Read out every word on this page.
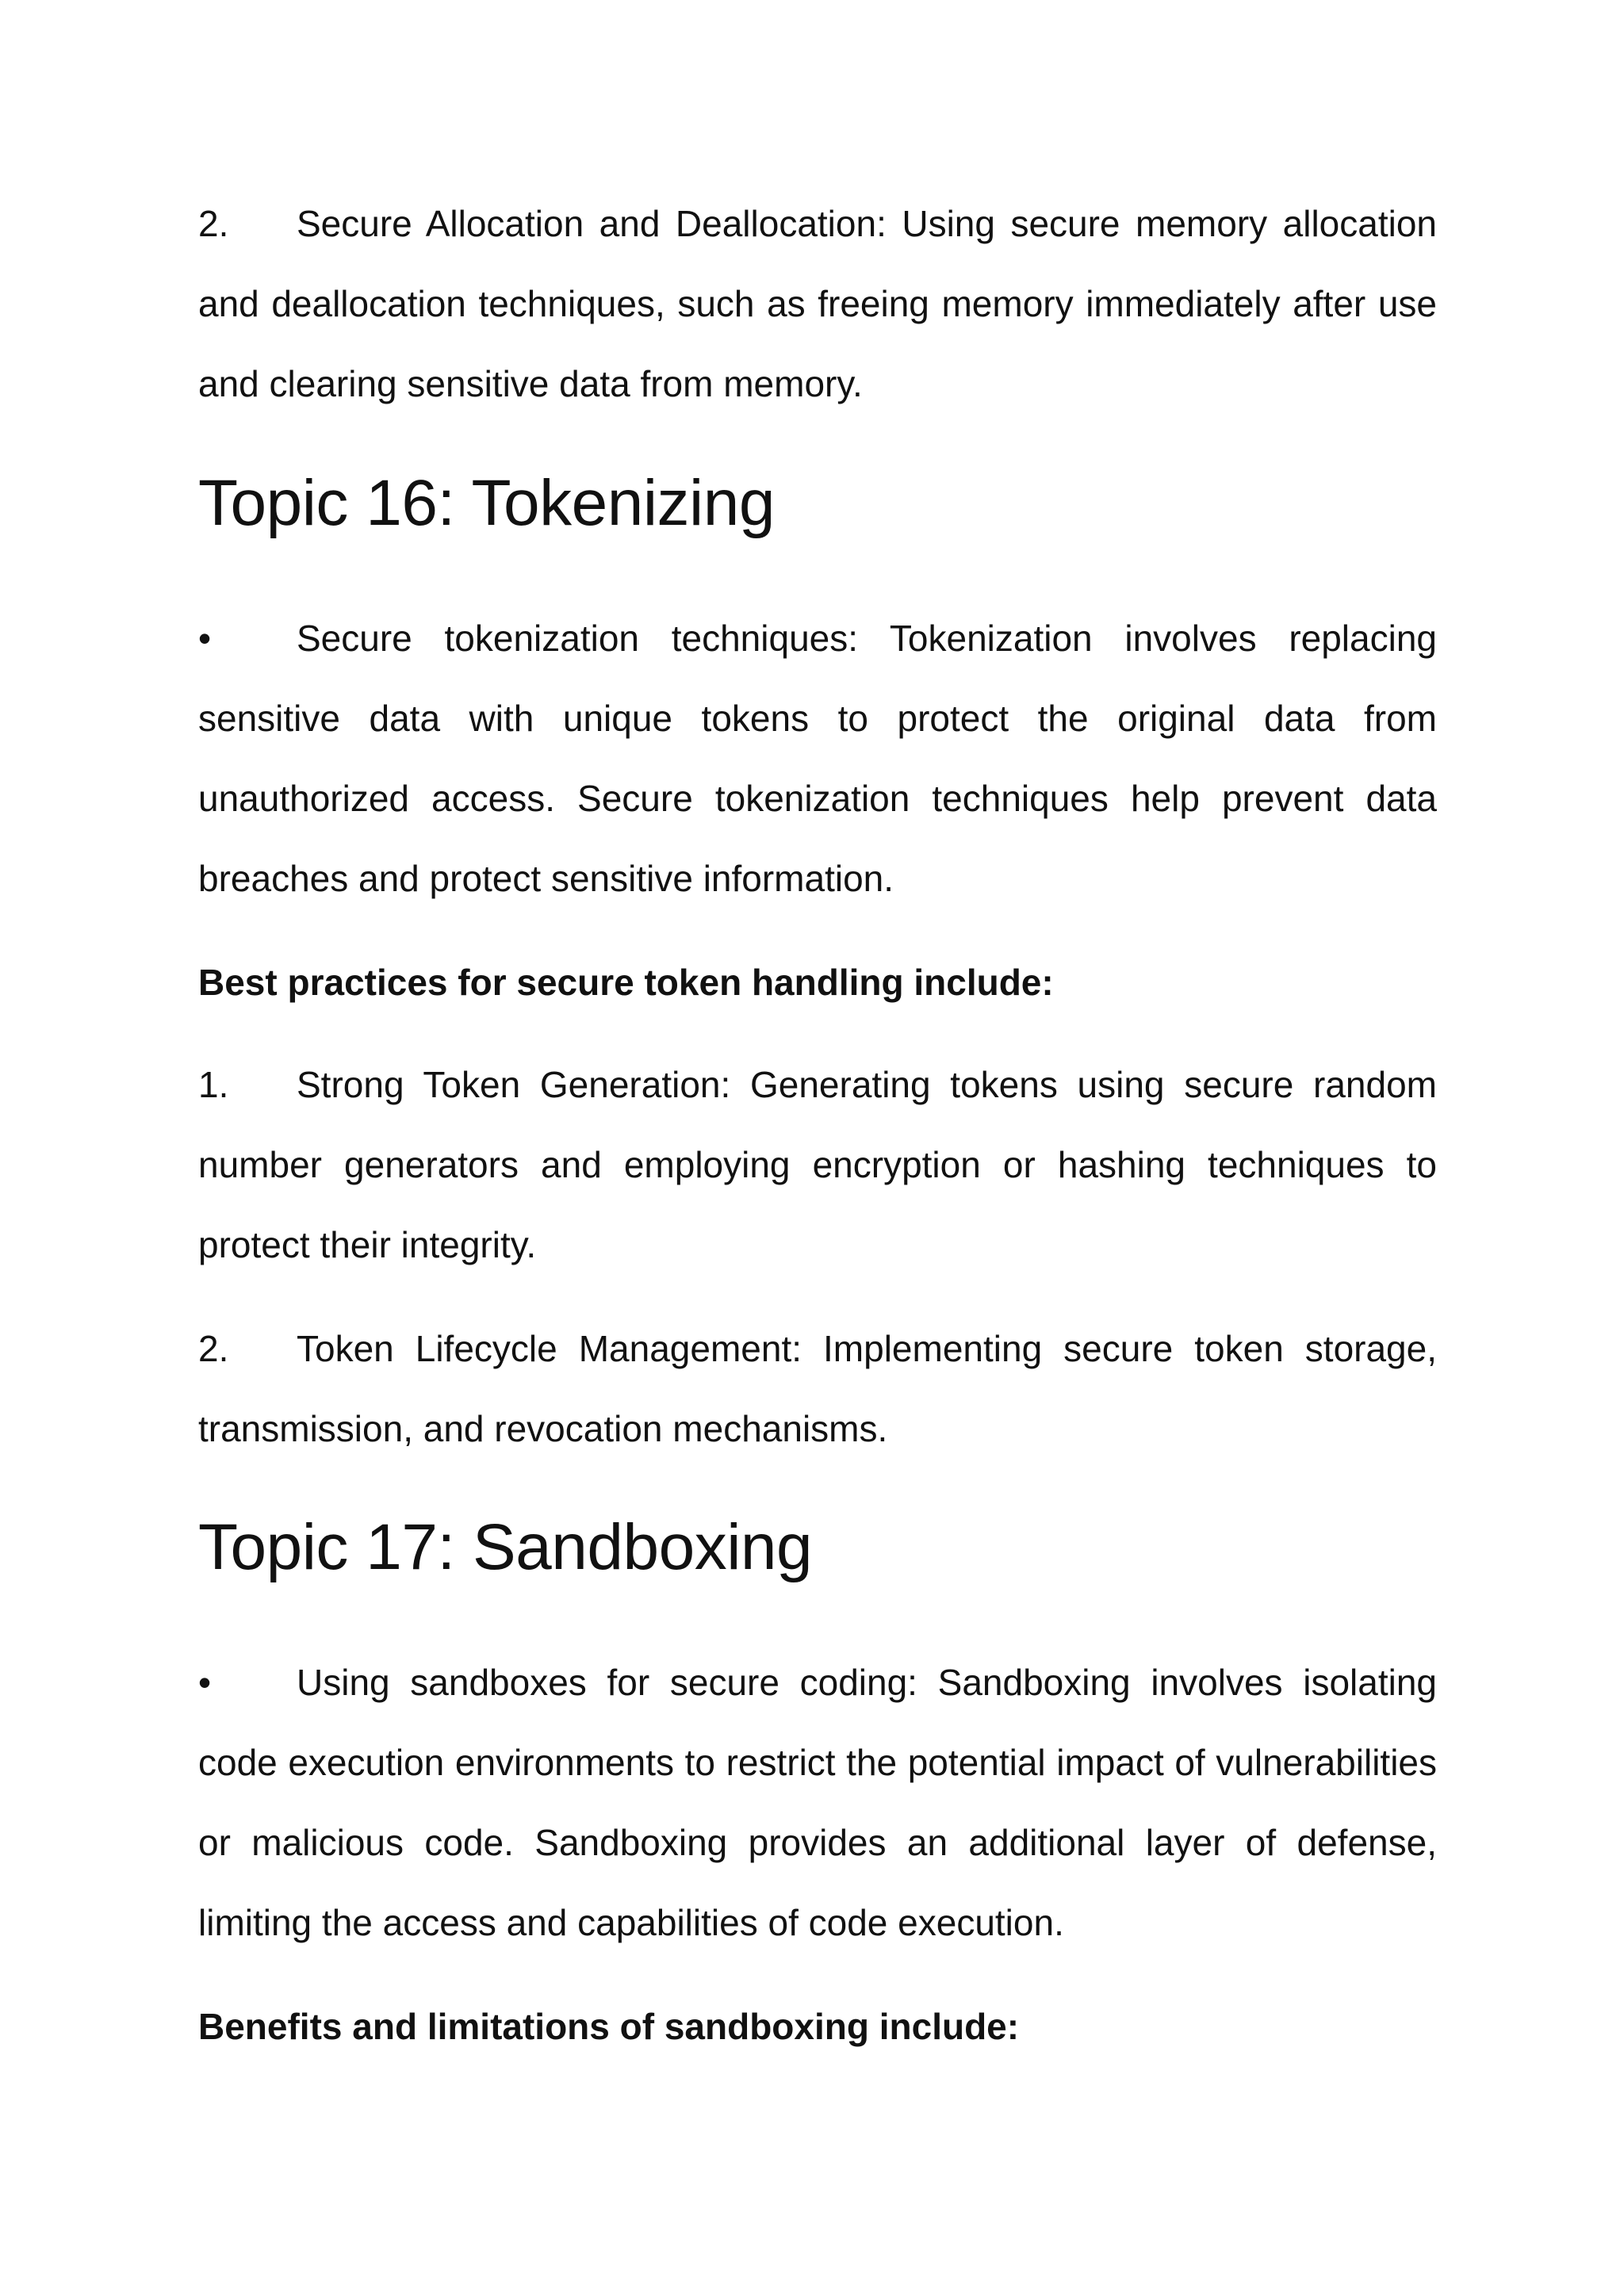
2. Secure Allocation and Deallocation: Using secure memory allocation and deallocation techniques, such as freeing memory immediately after use and clearing sensitive data from memory.
Topic 16: Tokenizing
• Secure tokenization techniques: Tokenization involves replacing sensitive data with unique tokens to protect the original data from unauthorized access. Secure tokenization techniques help prevent data breaches and protect sensitive information.
Best practices for secure token handling include:
1. Strong Token Generation: Generating tokens using secure random number generators and employing encryption or hashing techniques to protect their integrity.
2. Token Lifecycle Management: Implementing secure token storage, transmission, and revocation mechanisms.
Topic 17: Sandboxing
• Using sandboxes for secure coding: Sandboxing involves isolating code execution environments to restrict the potential impact of vulnerabilities or malicious code. Sandboxing provides an additional layer of defense, limiting the access and capabilities of code execution.
Benefits and limitations of sandboxing include:
